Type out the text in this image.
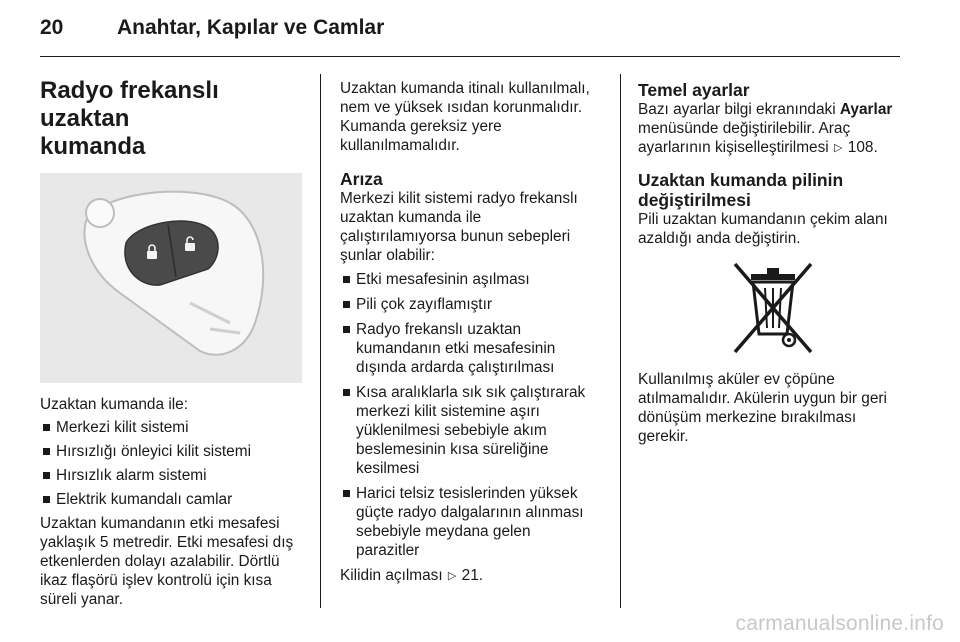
20	Anahtar, Kapılar ve Camlar
Radyo frekanslı uzaktan
kumanda

Uzaktan kumanda ile:

Merkezi kilit sistemi
Hırsızlığı önleyici kilit sistemi
Hırsızlık alarm sistemi
Elektrik kumandalı camlar

Uzaktan kumandanın etki mesafesi
yaklaşık 5 metredir. Etki mesafesi dış
etkenlerden dolayı azalabilir. Dörtlü
ikaz flaşörü işlev kontrolü için kısa
süreli yanar.

Uzaktan kumanda itinalı kullanılmalı,
nem ve yüksek ısıdan korunmalıdır.
Kumanda gereksiz yere
kullanılmamalıdır.

Arıza

Merkezi kilit sistemi radyo frekanslı
uzaktan kumanda ile
çalıştırılamıyorsa bunun sebepleri
şunlar olabilir:

Etki mesafesinin aşılması
Pili çok zayıflamıştır
Radyo frekanslı uzaktan
kumandanın etki mesafesinin
dışında ardarda çalıştırılması
Kısa aralıklarla sık sık çalıştırarak
merkezi kilit sistemine aşırı
yüklenilmesi sebebiyle akım
beslemesinin kısa süreliğine
kesilmesi
Harici telsiz tesislerinden yüksek
güçte radyo dalgalarının alınması
sebebiyle meydana gelen
parazitler

Kilidin açılması ▷ 21.

Temel ayarlar

Bazı ayarlar bilgi ekranındaki Ayarlar
menüsünde değiştirilebilir. Araç
ayarlarının kişiselleştirilmesi ▷ 108.

Uzaktan kumanda pilinin
değiştirilmesi

Pili uzaktan kumandanın çekim alanı
azaldığı anda değiştirin.

Kullanılmış aküler ev çöpüne
atılmamalıdır. Akülerin uygun bir geri
dönüşüm merkezine bırakılması
gerekir.

carmanualsonline.info
